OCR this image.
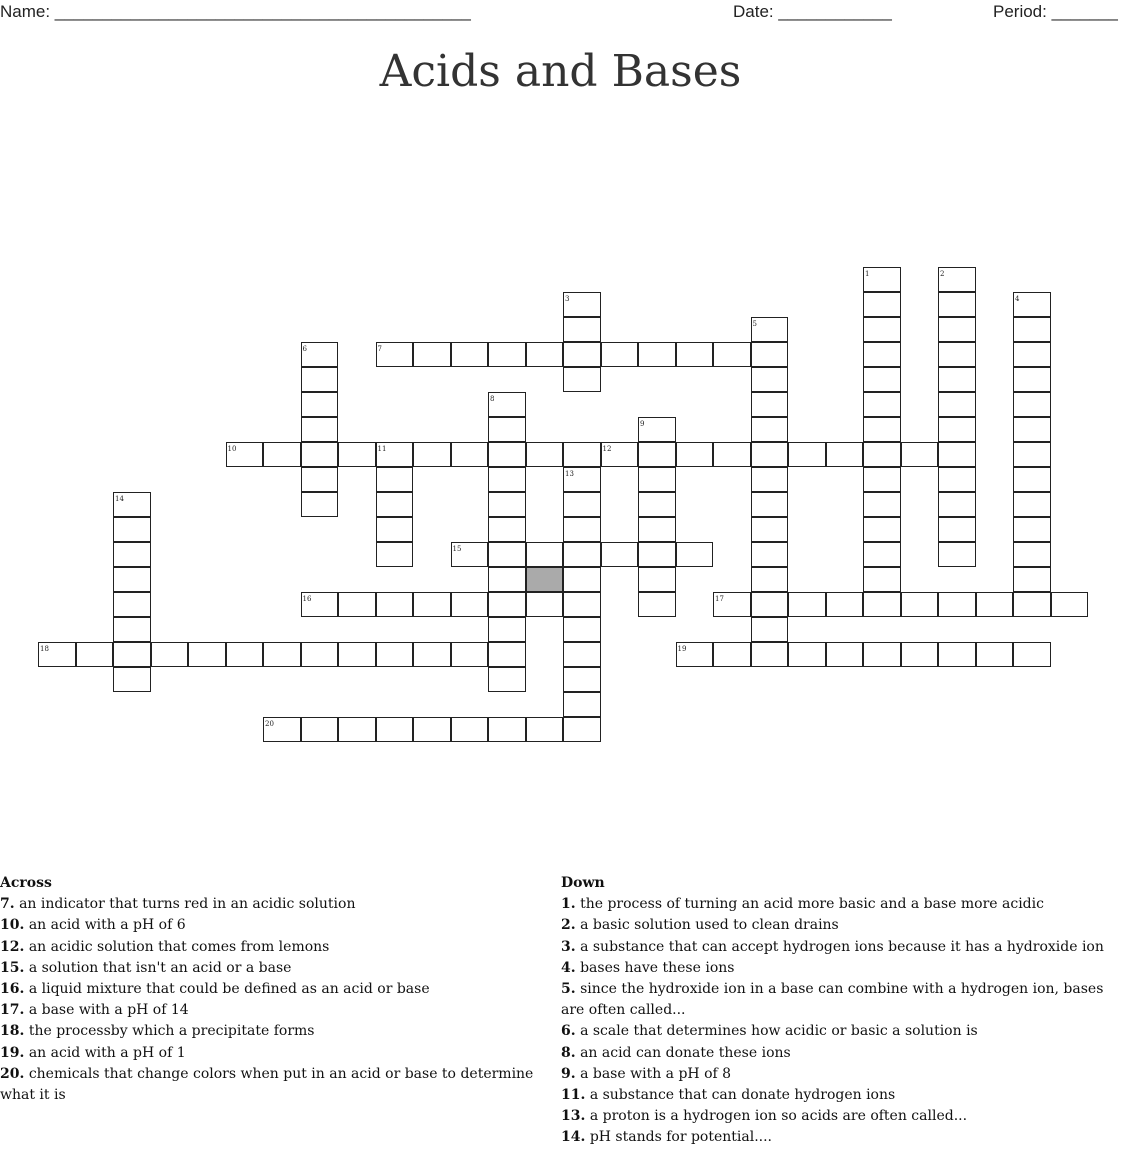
Name: ____________________________________________	Date: ____________	Period: _______
Acids and Bases
7
10	12
15
16	17
18	19
20
1	2
3	4
5
6
8
9
11
13
14
Across
7. an indicator that turns red in an acidic solution
10. an acid with a pH of 6
12. an acidic solution that comes from lemons
15. a solution that isn't an acid or a base
16. a liquid mixture that could be defined as an acid or base
17. a base with a pH of 14
18. the processby which a precipitate forms
19. an acid with a pH of 1
20. chemicals that change colors when put in an acid or base to determine what it is
Down
1. the process of turning an acid more basic and a base more acidic
2. a basic solution used to clean drains
3. a substance that can accept hydrogen ions because it has a hydroxide ion
4. bases have these ions
5. since the hydroxide ion in a base can combine with a hydrogen ion, bases are often called...
6. a scale that determines how acidic or basic a solution is
8. an acid can donate these ions
9. a base with a pH of 8
11. a substance that can donate hydrogen ions
13. a proton is a hydrogen ion so acids are often called...
14. pH stands for potential....
